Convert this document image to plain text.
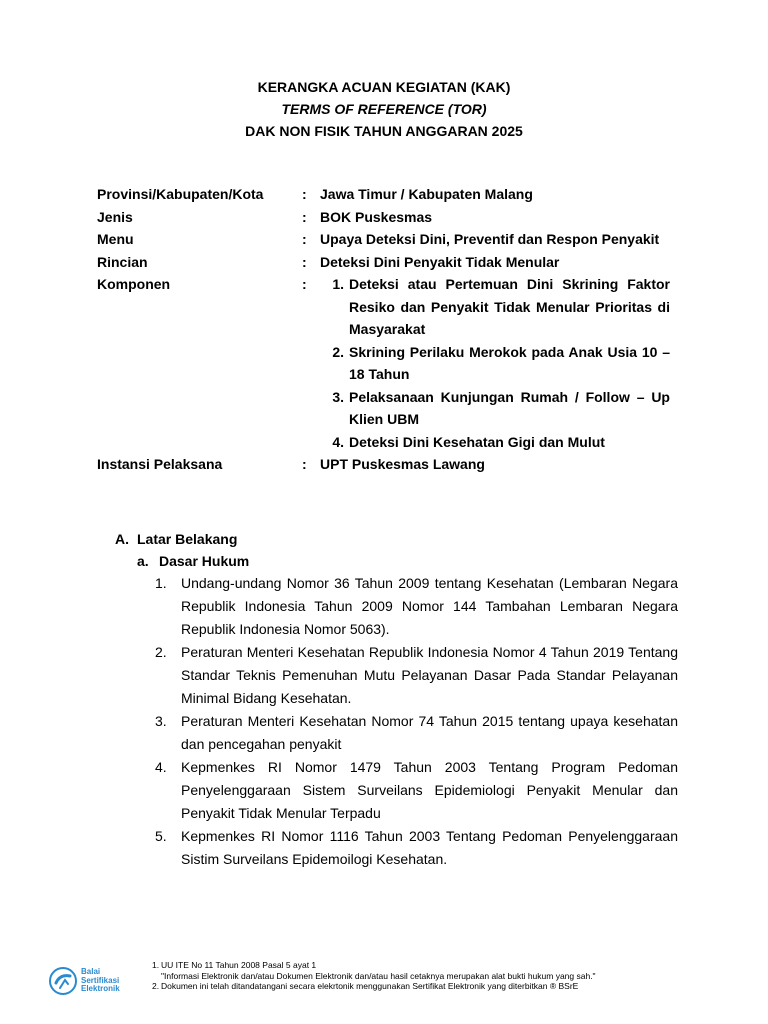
KERANGKA ACUAN KEGIATAN (KAK)
TERMS OF REFERENCE (TOR)
DAK NON FISIK TAHUN ANGGARAN 2025
Provinsi/Kabupaten/Kota	: Jawa Timur / Kabupaten Malang
Jenis	: BOK Puskesmas
Menu	: Upaya Deteksi Dini, Preventif dan Respon Penyakit
Rincian	: Deteksi Dini Penyakit Tidak Menular
Komponen	:	1. Deteksi atau Pertemuan Dini Skrining Faktor Resiko dan Penyakit Tidak Menular Prioritas di Masyarakat
2. Skrining Perilaku Merokok pada Anak Usia 10 – 18 Tahun
3. Pelaksanaan Kunjungan Rumah / Follow – Up Klien UBM
4. Deteksi Dini Kesehatan Gigi dan Mulut
Instansi Pelaksana	: UPT Puskesmas Lawang
A. Latar Belakang
a. Dasar Hukum
1.	Undang-undang Nomor 36 Tahun 2009 tentang Kesehatan (Lembaran Negara Republik Indonesia Tahun 2009 Nomor 144 Tambahan Lembaran Negara Republik Indonesia Nomor 5063).
2.	Peraturan Menteri Kesehatan Republik Indonesia Nomor 4 Tahun 2019 Tentang Standar Teknis Pemenuhan Mutu Pelayanan Dasar Pada Standar Pelayanan Minimal Bidang Kesehatan.
3.	Peraturan Menteri Kesehatan Nomor 74 Tahun 2015 tentang upaya kesehatan dan pencegahan penyakit
4.	Kepmenkes RI Nomor 1479 Tahun 2003 Tentang Program Pedoman Penyelenggaraan Sistem Surveilans Epidemiologi Penyakit Menular dan Penyakit Tidak Menular Terpadu
5.	Kepmenkes RI Nomor 1116 Tahun 2003 Tentang Pedoman Penyelenggaraan Sistim Surveilans Epidemoilogi Kesehatan.
Balai
Sertifikasi
Elektronik
1. UU ITE No 11 Tahun 2008 Pasal 5 ayat 1
"Informasi Elektronik dan/atau Dokumen Elektronik dan/atau hasil cetaknya merupakan alat bukti hukum yang sah."
2. Dokumen ini telah ditandatangani secara elekrtonik menggunakan Sertifikat Elektronik yang diterbitkan ® BSrE
